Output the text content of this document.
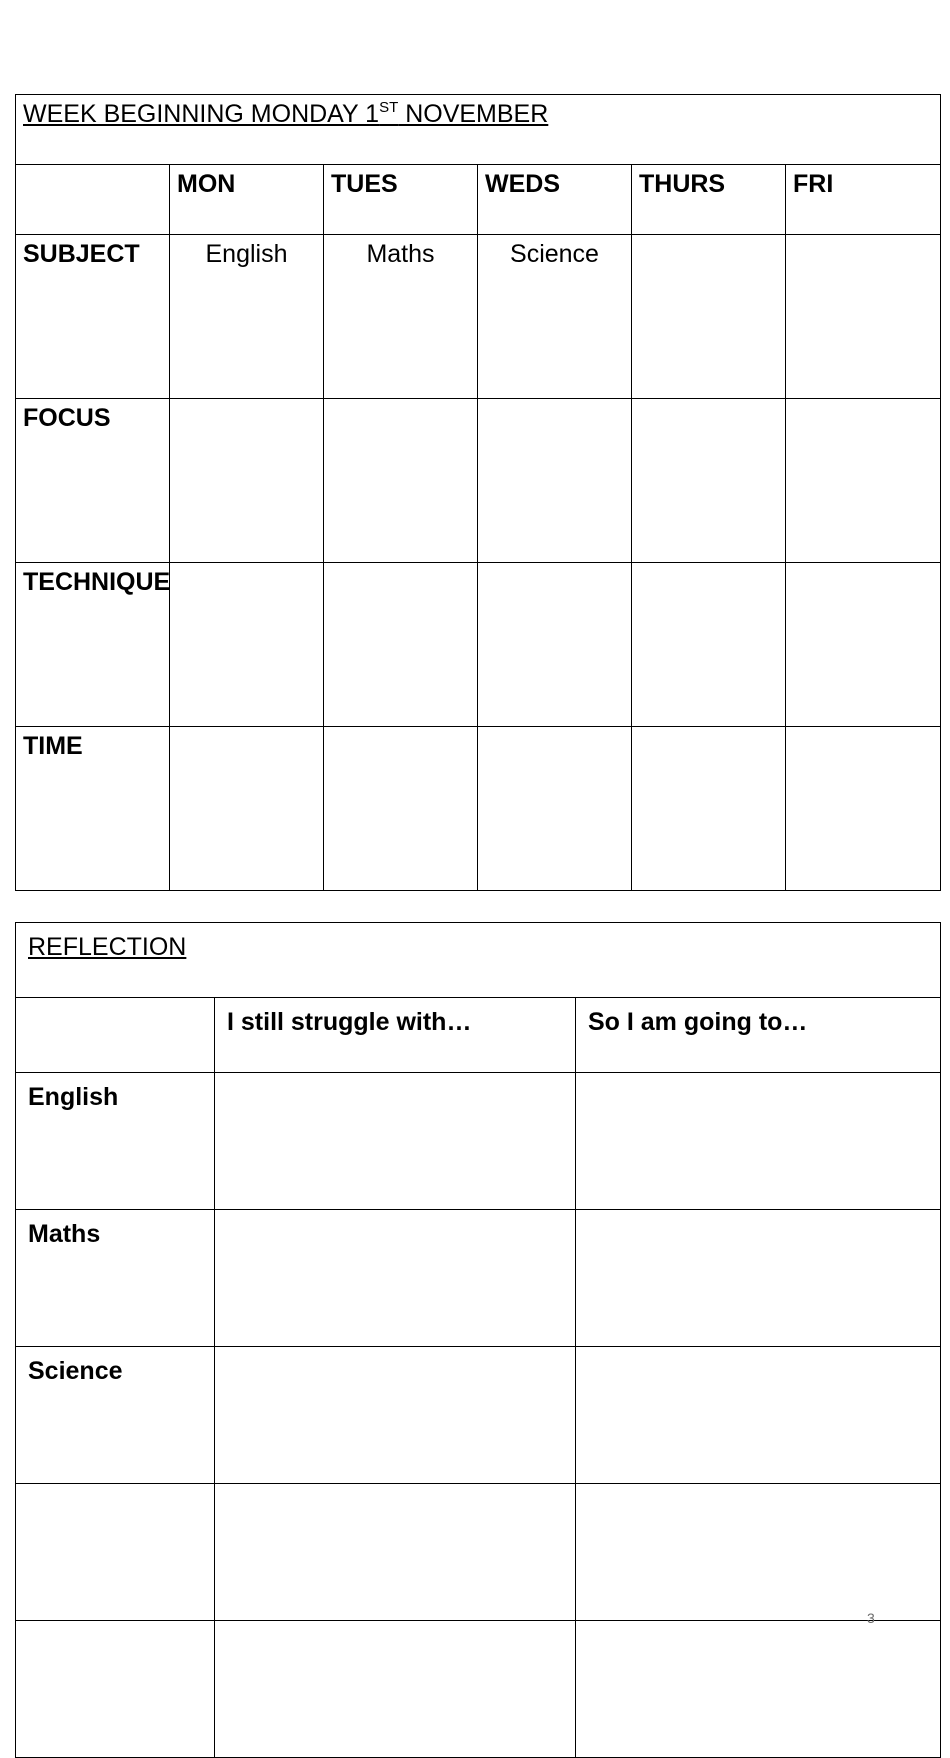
WEEK BEGINNING MONDAY 1ST NOVEMBER					
	MON	TUES	WEDS	THURS	FRI
SUBJECT	English	Maths	Science		
FOCUS					
TECHNIQUE					
TIME					
REFLECTION		
	I still struggle with…	So I am going to…
English		
Maths		
Science		

3
